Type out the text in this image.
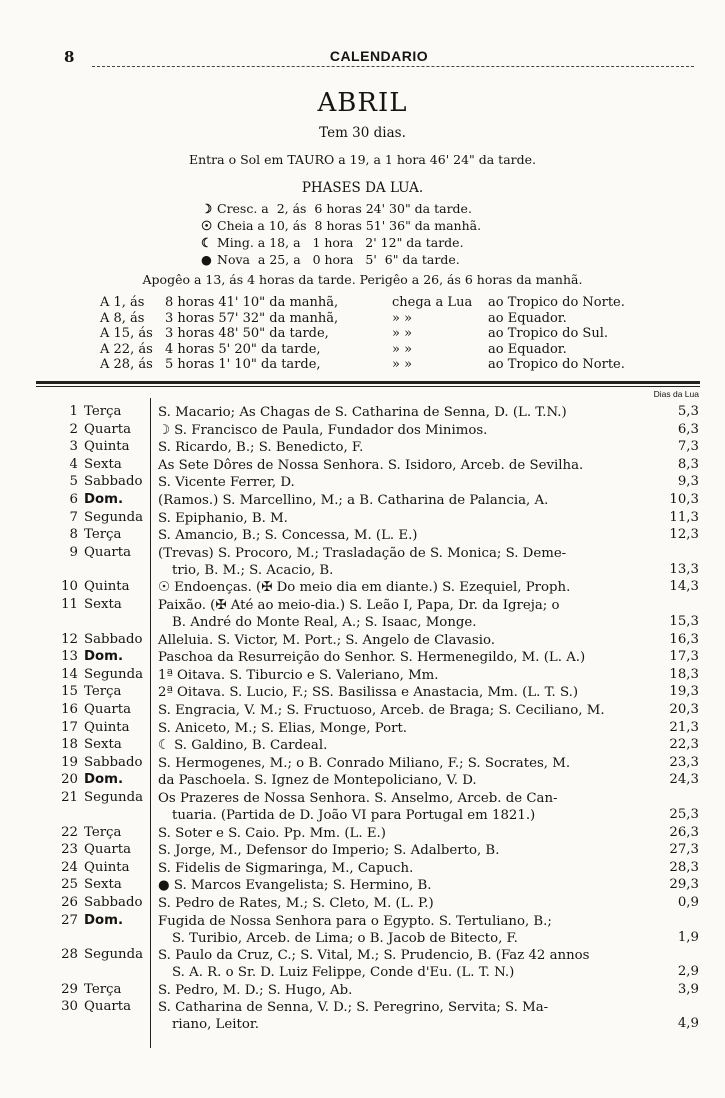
8	CALENDARIO
ABRIL
Tem 30 dias.
Entra o Sol em TAURO a 19, a 1 hora 46' 24" da tarde.
PHASES DA LUA.
☽ Cresc. a  2, ás  6 horas 24' 30" da tarde.
☉ Cheia a 10, ás  8 horas 51' 36" da manhã.
☾ Ming. a 18, a   1 hora   2' 12" da tarde.
● Nova  a 25, a   0 hora   5'  6" da tarde.
Apogêo a 13, ás 4 horas da tarde. Perigêo a 26, ás 6 horas da manhã.
A 1, ás 8 horas 41' 10" da manhã,	chega a Lua ao Tropico do Norte.
A 8, ás 3 horas 57' 32" da manhã,	» »	ao Equador.
A 15, ás 3 horas 48' 50" da tarde,	» »	ao Tropico do Sul.
A 22, ás 4 horas 5' 20" da tarde,	» »	ao Equador.
A 28, ás 5 horas 1' 10" da tarde,	» »	ao Tropico do Norte.
Dias da Lua
1 Terça	S. Macario; As Chagas de S. Catharina de Senna, D. (L. T.N.)	5,3
2 Quarta ☽ S. Francisco de Paula, Fundador dos Minimos.	6,3
3 Quinta S. Ricardo, B.; S. Benedicto, F.	7,3
4 Sexta	As Sete Dôres de Nossa Senhora. S. Isidoro, Arceb. de Sevilha.	8,3
5 Sabbado S. Vicente Ferrer, D.	9,3
6 Dom.	(Ramos.) S. Marcellino, M.; a B. Catharina de Palancia, A.	10,3
7 Segunda S. Epiphanio, B. M.	11,3
8 Terça	S. Amancio, B.; S. Concessa, M. (L. E.)	12,3
9 Quarta (Trevas) S. Procoro, M.; Trasladação de S. Monica; S. Deme-
trio, B. M.; S. Acacio, B.	13,3
10 Quinta ☉ Endoenças. (✠ Do meio dia em diante.) S. Ezequiel, Proph.	14,3
11 Sexta	Paixão. (✠ Até ao meio-dia.) S. Leão I, Papa, Dr. da Igreja; o
B. André do Monte Real, A.; S. Isaac, Monge.	15,3
12 Sabbado Alleluia. S. Victor, M. Port.; S. Angelo de Clavasio.	16,3
13 Dom.	Paschoa da Resurreição do Senhor. S. Hermenegildo, M. (L. A.)	17,3
14 Segunda 1ª Oitava. S. Tiburcio e S. Valeriano, Mm.	18,3
15 Terça	2ª Oitava. S. Lucio, F.; SS. Basilissa e Anastacia, Mm. (L. T. S.)	19,3
16 Quarta S. Engracia, V. M.; S. Fructuoso, Arceb. de Braga; S. Ceciliano, M.	20,3
17 Quinta S. Aniceto, M.; S. Elias, Monge, Port.	21,3
18 Sexta	☾ S. Galdino, B. Cardeal.	22,3
19 Sabbado S. Hermogenes, M.; o B. Conrado Miliano, F.; S. Socrates, M.	23,3
20 Dom.	da Paschoela. S. Ignez de Montepoliciano, V. D.	24,3
21 Segunda Os Prazeres de Nossa Senhora. S. Anselmo, Arceb. de Can-
tuaria. (Partida de D. João VI para Portugal em 1821.)	25,3
22 Terça	S. Soter e S. Caio. Pp. Mm. (L. E.)	26,3
23 Quarta S. Jorge, M., Defensor do Imperio; S. Adalberto, B.	27,3
24 Quinta S. Fidelis de Sigmaringa, M., Capuch.	28,3
25 Sexta	● S. Marcos Evangelista; S. Hermino, B.	29,3
26 Sabbado S. Pedro de Rates, M.; S. Cleto, M. (L. P.)	0,9
27 Dom.	Fugida de Nossa Senhora para o Egypto. S. Tertuliano, B.;
S. Turibio, Arceb. de Lima; o B. Jacob de Bitecto, F.	1,9
28 Segunda S. Paulo da Cruz, C.; S. Vital, M.; S. Prudencio, B. (Faz 42 annos
S. A. R. o Sr. D. Luiz Felippe, Conde d'Eu. (L. T. N.)	2,9
29 Terça	S. Pedro, M. D.; S. Hugo, Ab.	3,9
30 Quarta S. Catharina de Senna, V. D.; S. Peregrino, Servita; S. Ma-
riano, Leitor.	4,9
